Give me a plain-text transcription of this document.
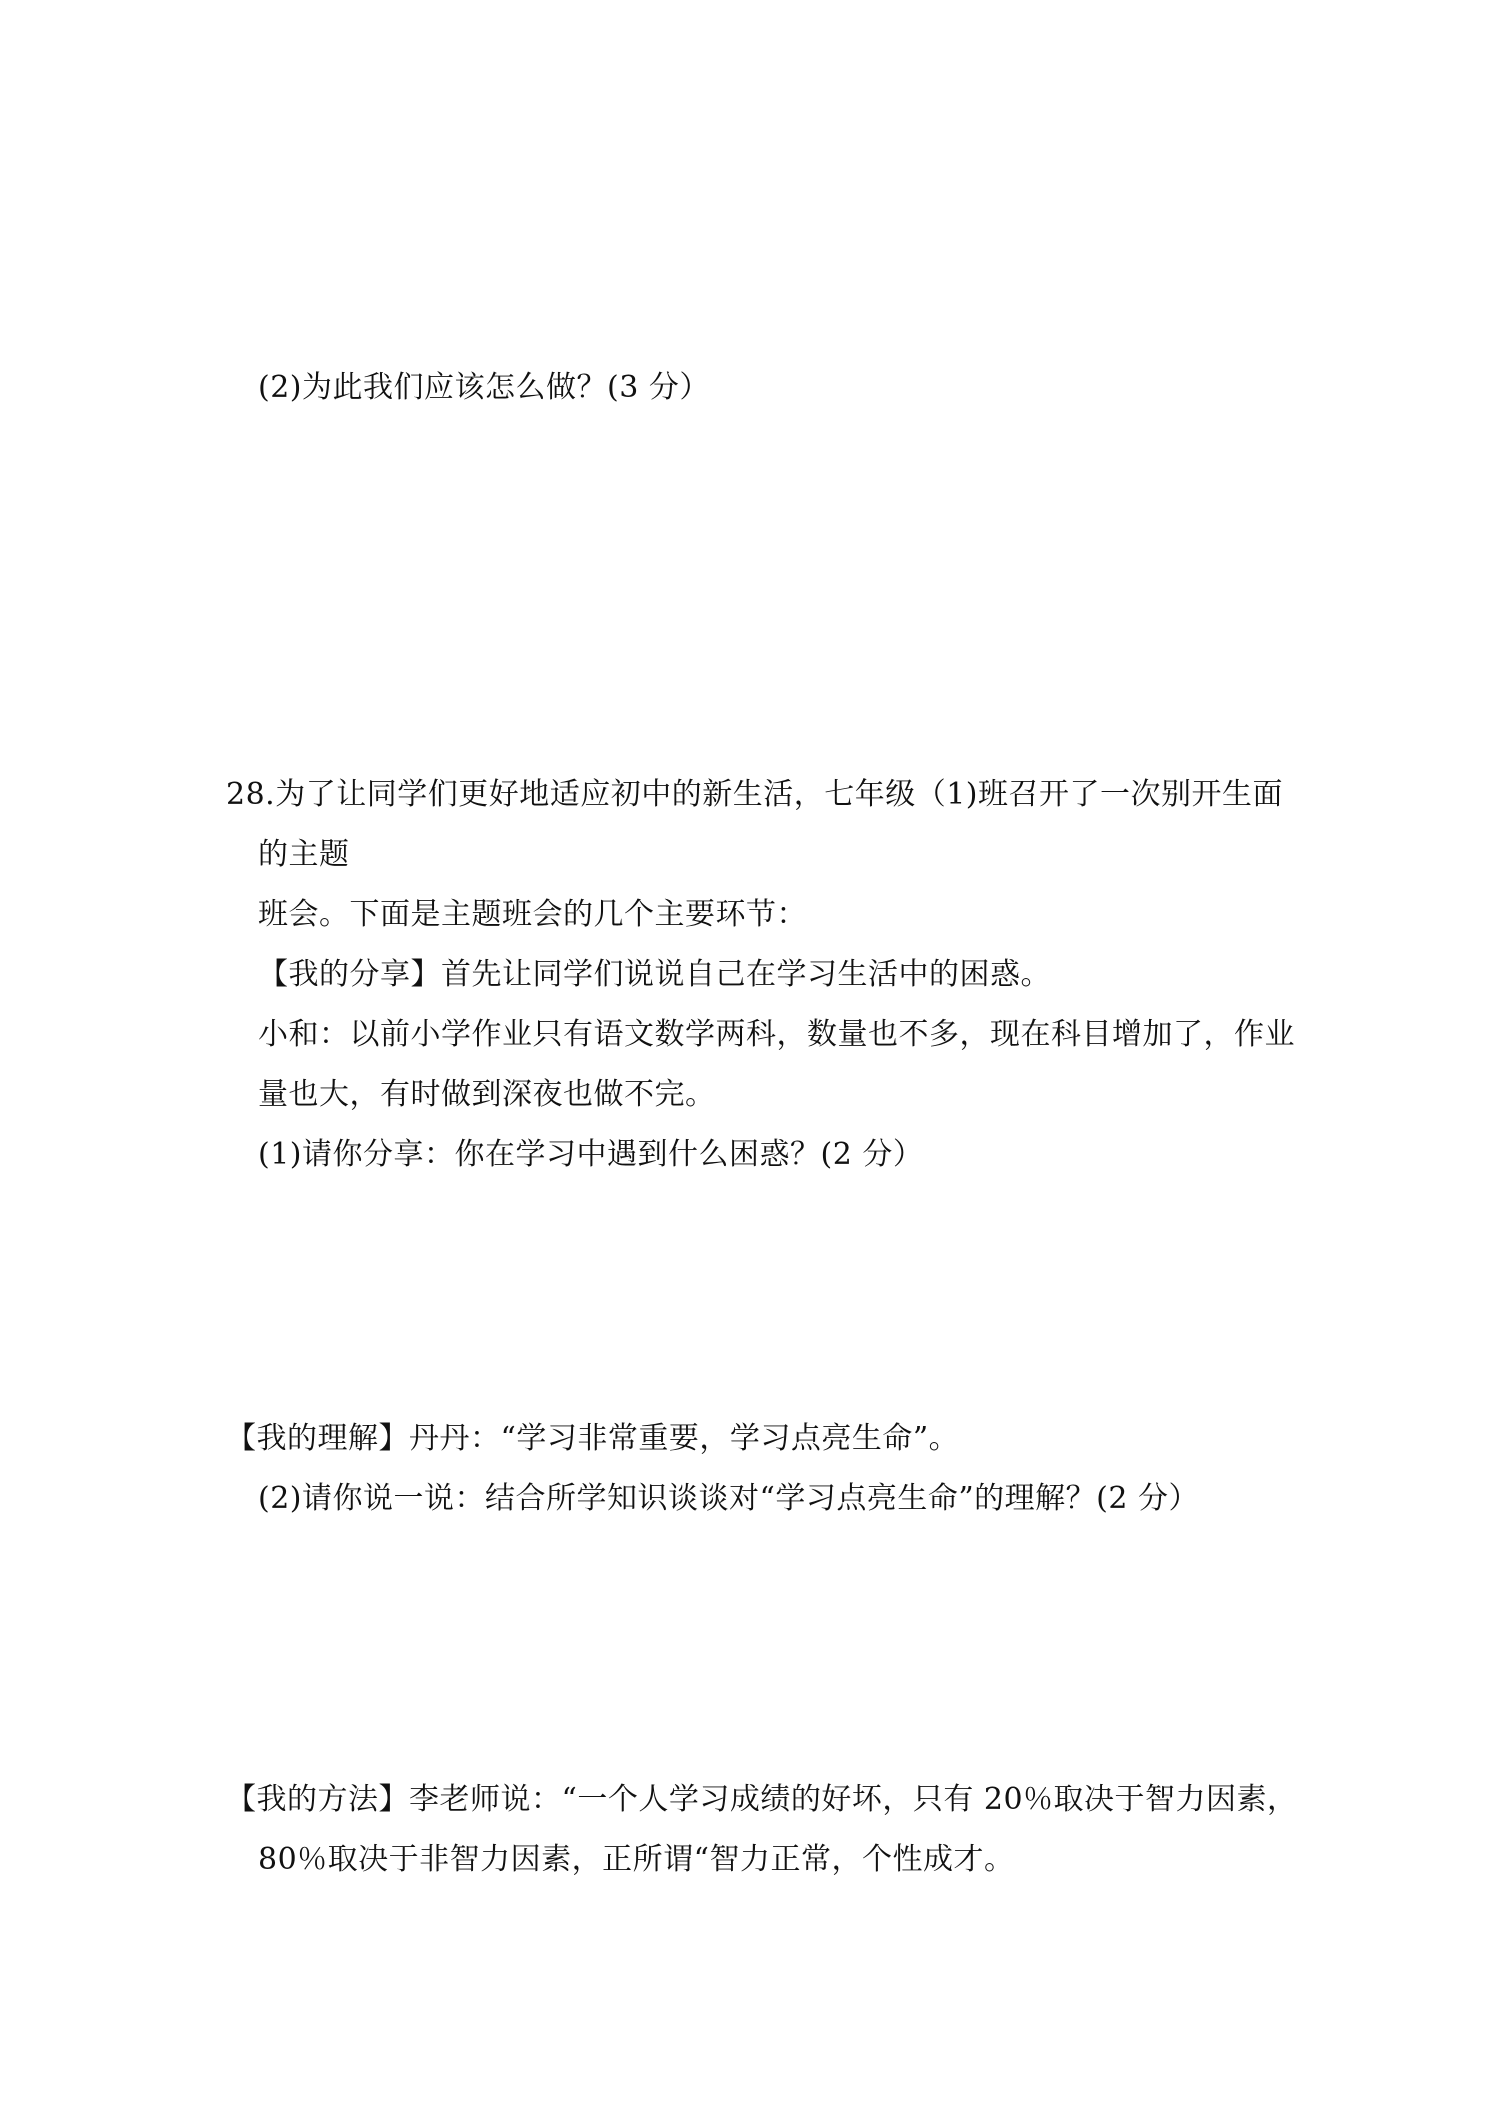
(2)为此我们应该怎么做？(3 分）
28.为了让同学们更好地适应初中的新生活，七年级（1)班召开了一次别开生面
的主题
班会。下面是主题班会的几个主要环节：
【我的分享】首先让同学们说说自己在学习生活中的困惑。
小和：以前小学作业只有语文数学两科，数量也不多，现在科目增加了，作业
量也大，有时做到深夜也做不完。
(1)请你分享：你在学习中遇到什么困惑？(2 分）
【我的理解】丹丹：“学习非常重要，学习点亮生命”。
(2)请你说一说：结合所学知识谈谈对“学习点亮生命”的理解？(2 分）
【我的方法】李老师说：“一个人学习成绩的好坏，只有 20％取决于智力因素，
80％取决于非智力因素，正所谓“智力正常，个性成才。
